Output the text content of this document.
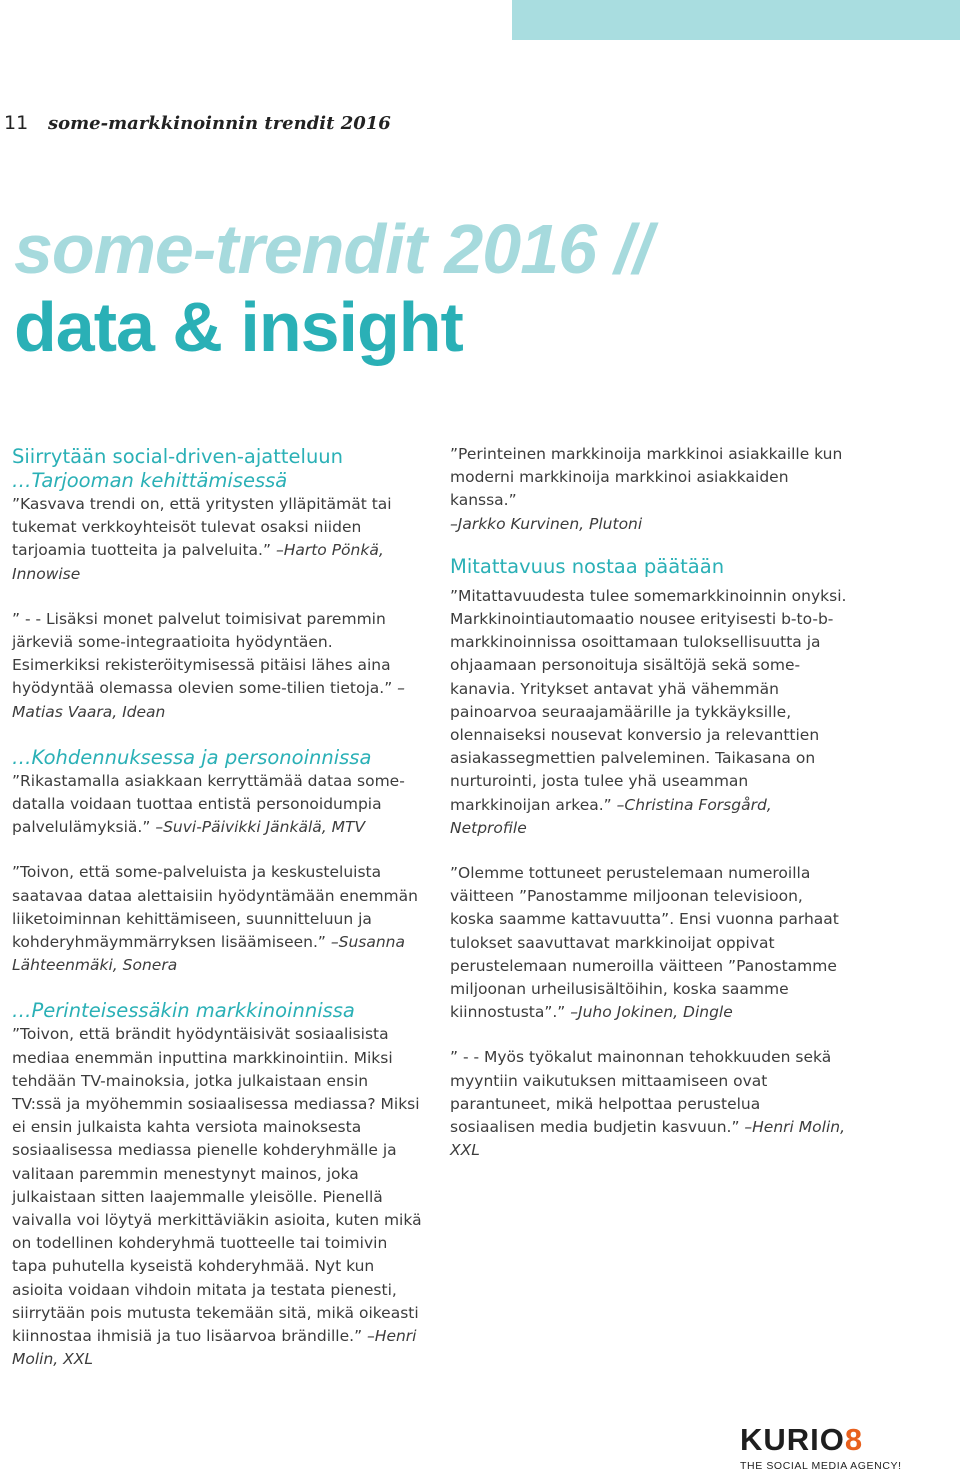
11 some-markkinoinnin trendit 2016
some-trendit 2016 //
data & insight
Siirrytään social-driven-ajatteluun
…Tarjooman kehittämisessä

”Kasvava trendi on, että yritysten ylläpitämät tai tukemat verkkoyhteisöt tulevat osaksi niiden tarjoamia tuotteita ja palveluita.” –Harto Pönkä, Innowise

” - - Lisäksi monet palvelut toimisivat paremmin järkeviä some-integraatioita hyödyntäen. Esimerkiksi rekisteröitymisessä pitäisi lähes aina hyödyntää olemassa olevien some-tilien tietoja.” –Matias Vaara, Idean

…Kohdennuksessa ja personoinnissa

”Rikastamalla asiakkaan kerryttämää dataa some-datalla voidaan tuottaa entistä personoidumpia palvelulämyksiä.” –Suvi-Päivikki Jänkälä, MTV

”Toivon, että some-palveluista ja keskusteluista saatavaa dataa alettaisiin hyödyntämään enemmän liiketoiminnan kehittämiseen, suunnitteluun ja kohderyhmäymmärryksen lisäämiseen.” –Susanna Lähteenmäki, Sonera

…Perinteisessäkin markkinoinnissa

”Toivon, että brändit hyödyntäisivät sosiaalisista mediaa enemmän inputtina markkinointiin. Miksi tehdään TV-mainoksia, jotka julkaistaan ensin TV:ssä ja myöhemmin sosiaalisessa mediassa? Miksi ei ensin julkaista kahta versiota mainoksesta sosiaalisessa mediassa pienelle kohderyhmälle ja valitaan paremmin menestynyt mainos, joka julkaistaan sitten laajemmalle yleisölle. Pienellä vaivalla voi löytyä merkittäviäkin asioita, kuten mikä on todellinen kohderyhmä tuotteelle tai toimivin tapa puhutella kyseistä kohderyhmää. Nyt kun asioita voidaan vihdoin mitata ja testata pienesti, siirrytään pois mutusta tekemään sitä, mikä oikeasti kiinnostaa ihmisiä ja tuo lisäarvoa brändille.” –Henri Molin, XXL

”Perinteinen markkinoija markkinoi asiakkaille kun moderni markkinoija markkinoi asiakkaiden kanssa.”

–Jarkko Kurvinen, Plutoni

Mitattavuus nostaa päätään

”Mitattavuudesta tulee somemarkkinoinnin onyksi. Markkinointiautomaatio nousee erityisesti b-to-b-markkinoinnissa osoittamaan tuloksellisuutta ja ohjaamaan personoituja sisältöjä sekä some-kanavia. Yritykset antavat yhä vähemmän painoarvoa seuraajamäärille ja tykkäyksille, olennaiseksi nousevat konversio ja relevanttien asiakassegmettien palveleminen. Taikasana on nurturointi, josta tulee yhä useamman markkinoijan arkea.” –Christina Forsgård, Netprofile

”Olemme tottuneet perustelemaan numeroilla väitteen ”Panostamme miljoonan televisioon, koska saamme kattavuutta”. Ensi vuonna parhaat tulokset saavuttavat markkinoijat oppivat perustelemaan numeroilla väitteen ”Panostamme miljoonan urheilusisältöihin, koska saamme kiinnostusta”.” –Juho Jokinen, Dingle

” - - Myös työkalut mainonnan tehokkuuden sekä myyntiin vaikutuksen mittaamiseen ovat parantuneet, mikä helpottaa perustelua sosiaalisen media budjetin kasvuun.” –Henri Molin, XXL

KURIO8
THE SOCIAL MEDIA AGENCY!
